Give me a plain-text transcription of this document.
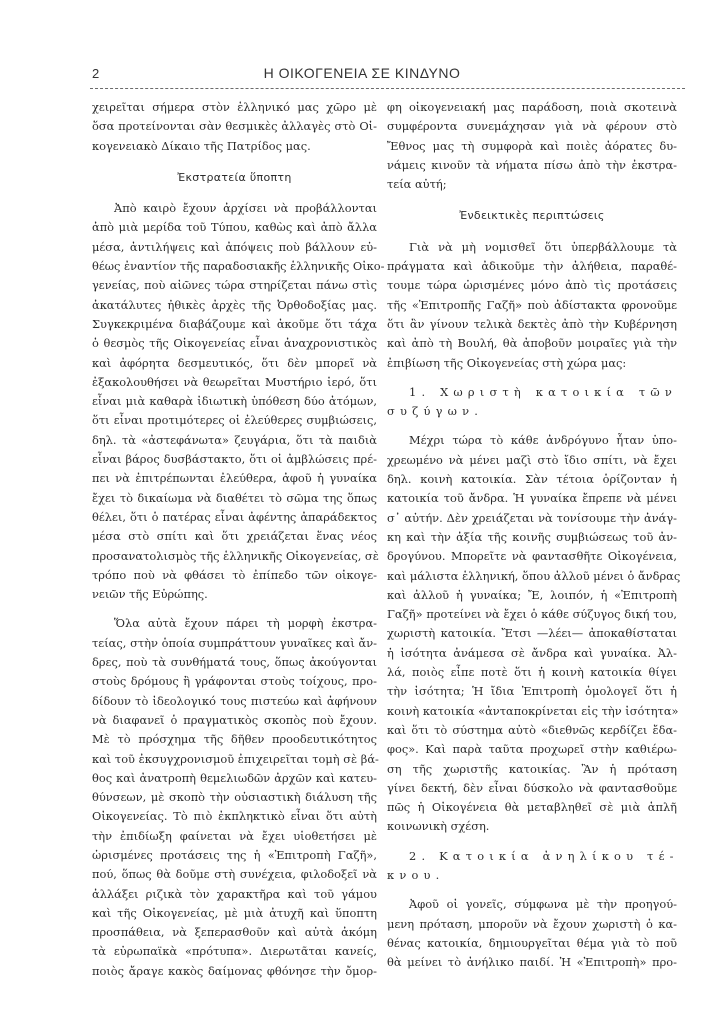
2	Η ΟΙΚΟΓΕΝΕΙΑ ΣΕ ΚΙΝΔΥΝΟ
χειρεῖται σήμερα στὸν ἑλληνικό μας χῶρο μὲ
ὅσα προτείνονται σὰν θεσμικὲς ἀλλαγὲς στὸ Οἰ-
κογενειακὸ Δίκαιο τῆς Πατρίδος μας.
Ἐκστρατεία ὕποπτη
Ἀπὸ καιρὸ ἔχουν ἀρχίσει νὰ προβάλλονται
ἀπὸ μιὰ μερίδα τοῦ Τύπου, καθὼς καὶ ἀπὸ ἄλλα
μέσα, ἀντιλήψεις καὶ ἀπόψεις ποὺ βάλλουν εὐ-
θέως ἐναντίον τῆς παραδοσιακῆς ἑλληνικῆς Οἰκο-
γενείας, ποὺ αἰῶνες τώρα στηρίζεται πάνω στὶς
ἀκατάλυτες ἠθικὲς ἀρχὲς τῆς Ὀρθοδοξίας μας.
Συγκεκριμένα διαβάζουμε καὶ ἀκοῦμε ὅτι τάχα
ὁ θεσμὸς τῆς Οἰκογενείας εἶναι ἀναχρονιστικὸς
καὶ ἀφόρητα δεσμευτικός, ὅτι δὲν μπορεῖ νὰ
ἐξακολουθήσει νὰ θεωρεῖται Μυστήριο ἱερό, ὅτι
εἶναι μιὰ καθαρὰ ἰδιωτικὴ ὑπόθεση δύο ἀτόμων,
ὅτι εἶναι προτιμότερες οἱ ἐλεύθερες συμβιώσεις,
δηλ. τὰ «ἀστεφάνωτα» ζευγάρια, ὅτι τὰ παιδιὰ
εἶναι βάρος δυσβάστακτο, ὅτι οἱ ἀμβλώσεις πρέ-
πει νὰ ἐπιτρέπωνται ἐλεύθερα, ἀφοῦ ἡ γυναίκα
ἔχει τὸ δικαίωμα νὰ διαθέτει τὸ σῶμα της ὅπως
θέλει, ὅτι ὁ πατέρας εἶναι ἀφέντης ἀπαράδεκτος
μέσα στὸ σπίτι καὶ ὅτι χρειάζεται ἕνας νέος
προσανατολισμὸς τῆς ἑλληνικῆς Οἰκογενείας, σὲ
τρόπο ποὺ νὰ φθάσει τὸ ἐπίπεδο τῶν οἰκογε-
νειῶν τῆς Εὐρώπης.
Ὅλα αὐτὰ ἔχουν πάρει τὴ μορφὴ ἐκστρα-
τείας, στὴν ὁποία συμπράττουν γυναῖκες καὶ ἄν-
δρες, ποὺ τὰ συνθήματά τους, ὅπως ἀκούγονται
στοὺς δρόμους ἢ γράφονται στοὺς τοίχους, προ-
δίδουν τὸ ἰδεολογικό τους πιστεύω καὶ ἀφήνουν
νὰ διαφανεῖ ὁ πραγματικὸς σκοπὸς ποὺ ἔχουν.
Μὲ τὸ πρόσχημα τῆς δῆθεν προοδευτικότητος
καὶ τοῦ ἐκσυγχρονισμοῦ ἐπιχειρεῖται τομὴ σὲ βά-
θος καὶ ἀνατροπὴ θεμελιωδῶν ἀρχῶν καὶ κατευ-
θύνσεων, μὲ σκοπὸ τὴν οὐσιαστικὴ διάλυση τῆς
Οἰκογενείας. Τὸ πιὸ ἐκπληκτικὸ εἶναι ὅτι αὐτὴ
τὴν ἐπιδίωξη φαίνεται νὰ ἔχει υἱοθετήσει μὲ
ὡρισμένες προτάσεις της ἡ «Ἐπιτροπὴ Γαζῆ»,
πού, ὅπως θὰ δοῦμε στὴ συνέχεια, φιλοδοξεῖ νὰ
ἀλλάξει ριζικὰ τὸν χαρακτῆρα καὶ τοῦ γάμου
καὶ τῆς Οἰκογενείας, μὲ μιὰ ἀτυχῆ καὶ ὕποπτη
προσπάθεια, νὰ ξεπερασθοῦν καὶ αὐτὰ ἀκόμη
τὰ εὐρωπαϊκὰ «πρότυπα». Διερωτᾶται κανείς,
ποιὸς ἄραγε κακὸς δαίμονας φθόνησε τὴν ὄμορ-
φη οἰκογενειακή μας παράδοση, ποιὰ σκοτεινὰ
συμφέροντα συνεμάχησαν γιὰ νὰ φέρουν στὸ
Ἔθνος μας τὴ συμφορὰ καὶ ποιὲς ἀόρατες δυ-
νάμεις κινοῦν τὰ νήματα πίσω ἀπὸ τὴν ἐκστρα-
τεία αὐτή;
Ἐνδεικτικὲς περιπτώσεις
Γιὰ νὰ μὴ νομισθεῖ ὅτι ὑπερβάλλουμε τὰ
πράγματα καὶ ἀδικοῦμε τὴν ἀλήθεια, παραθέ-
τουμε τώρα ὡρισμένες μόνο ἀπὸ τὶς προτάσεις
τῆς «Ἐπιτροπῆς Γαζῆ» ποὺ ἀδίστακτα φρονοῦμε
ὅτι ἂν γίνουν τελικὰ δεκτὲς ἀπὸ τὴν Κυβέρνηση
καὶ ἀπὸ τὴ Βουλή, θὰ ἀποβοῦν μοιραῖες γιὰ τὴν
ἐπιβίωση τῆς Οἰκογενείας στὴ χώρα μας:
1. Χωριστὴ κατοικία τῶν
συζύγων.
Μέχρι τώρα τὸ κάθε ἀνδρόγυνο ἦταν ὑπο-
χρεωμένο νὰ μένει μαζὶ στὸ ἴδιο σπίτι, νὰ ἔχει
δηλ. κοινὴ κατοικία. Σὰν τέτοια ὁρίζονταν ἡ
κατοικία τοῦ ἄνδρα. Ἡ γυναίκα ἔπρεπε νὰ μένει
σ᾽ αὐτήν. Δὲν χρειάζεται νὰ τονίσουμε τὴν ἀνάγ-
κη καὶ τὴν ἀξία τῆς κοινῆς συμβιώσεως τοῦ ἀν-
δρογύνου. Μπορεῖτε νὰ φαντασθῆτε Οἰκογένεια,
καὶ μάλιστα ἑλληνική, ὅπου ἀλλοῦ μένει ὁ ἄνδρας
καὶ ἀλλοῦ ἡ γυναίκα; Ἔ, λοιπόν, ἡ «Ἐπιτροπὴ
Γαζῆ» προτείνει νὰ ἔχει ὁ κάθε σύζυγος δική του,
χωριστὴ κατοικία. Ἔτσι —λέει— ἀποκαθίσταται
ἡ ἰσότητα ἀνάμεσα σὲ ἄνδρα καὶ γυναίκα. Ἀλ-
λά, ποιὸς εἶπε ποτὲ ὅτι ἡ κοινὴ κατοικία θίγει
τὴν ἰσότητα; Ἡ ἴδια Ἐπιτροπὴ ὁμολογεῖ ὅτι ἡ
κοινὴ κατοικία «ἀνταποκρίνεται εἰς τὴν ἰσότητα»
καὶ ὅτι τὸ σύστημα αὐτὸ «διεθνῶς κερδίζει ἔδα-
φος». Καὶ παρὰ ταῦτα προχωρεῖ στὴν καθιέρω-
ση τῆς χωριστῆς κατοικίας. Ἂν ἡ πρόταση
γίνει δεκτή, δὲν εἶναι δύσκολο νὰ φαντασθοῦμε
πῶς ἡ Οἰκογένεια θὰ μεταβληθεῖ σὲ μιὰ ἁπλῆ
κοινωνικὴ σχέση.
2. Κατοικία ἀνηλίκου τέ-
κνου.
Ἀφοῦ οἱ γονεῖς, σύμφωνα μὲ τὴν προηγού-
μενη πρόταση, μποροῦν νὰ ἔχουν χωριστὴ ὁ κα-
θένας κατοικία, δημιουργεῖται θέμα γιὰ τὸ ποῦ
θὰ μείνει τὸ ἀνήλικο παιδί. Ἡ «Ἐπιτροπὴ» προ-
